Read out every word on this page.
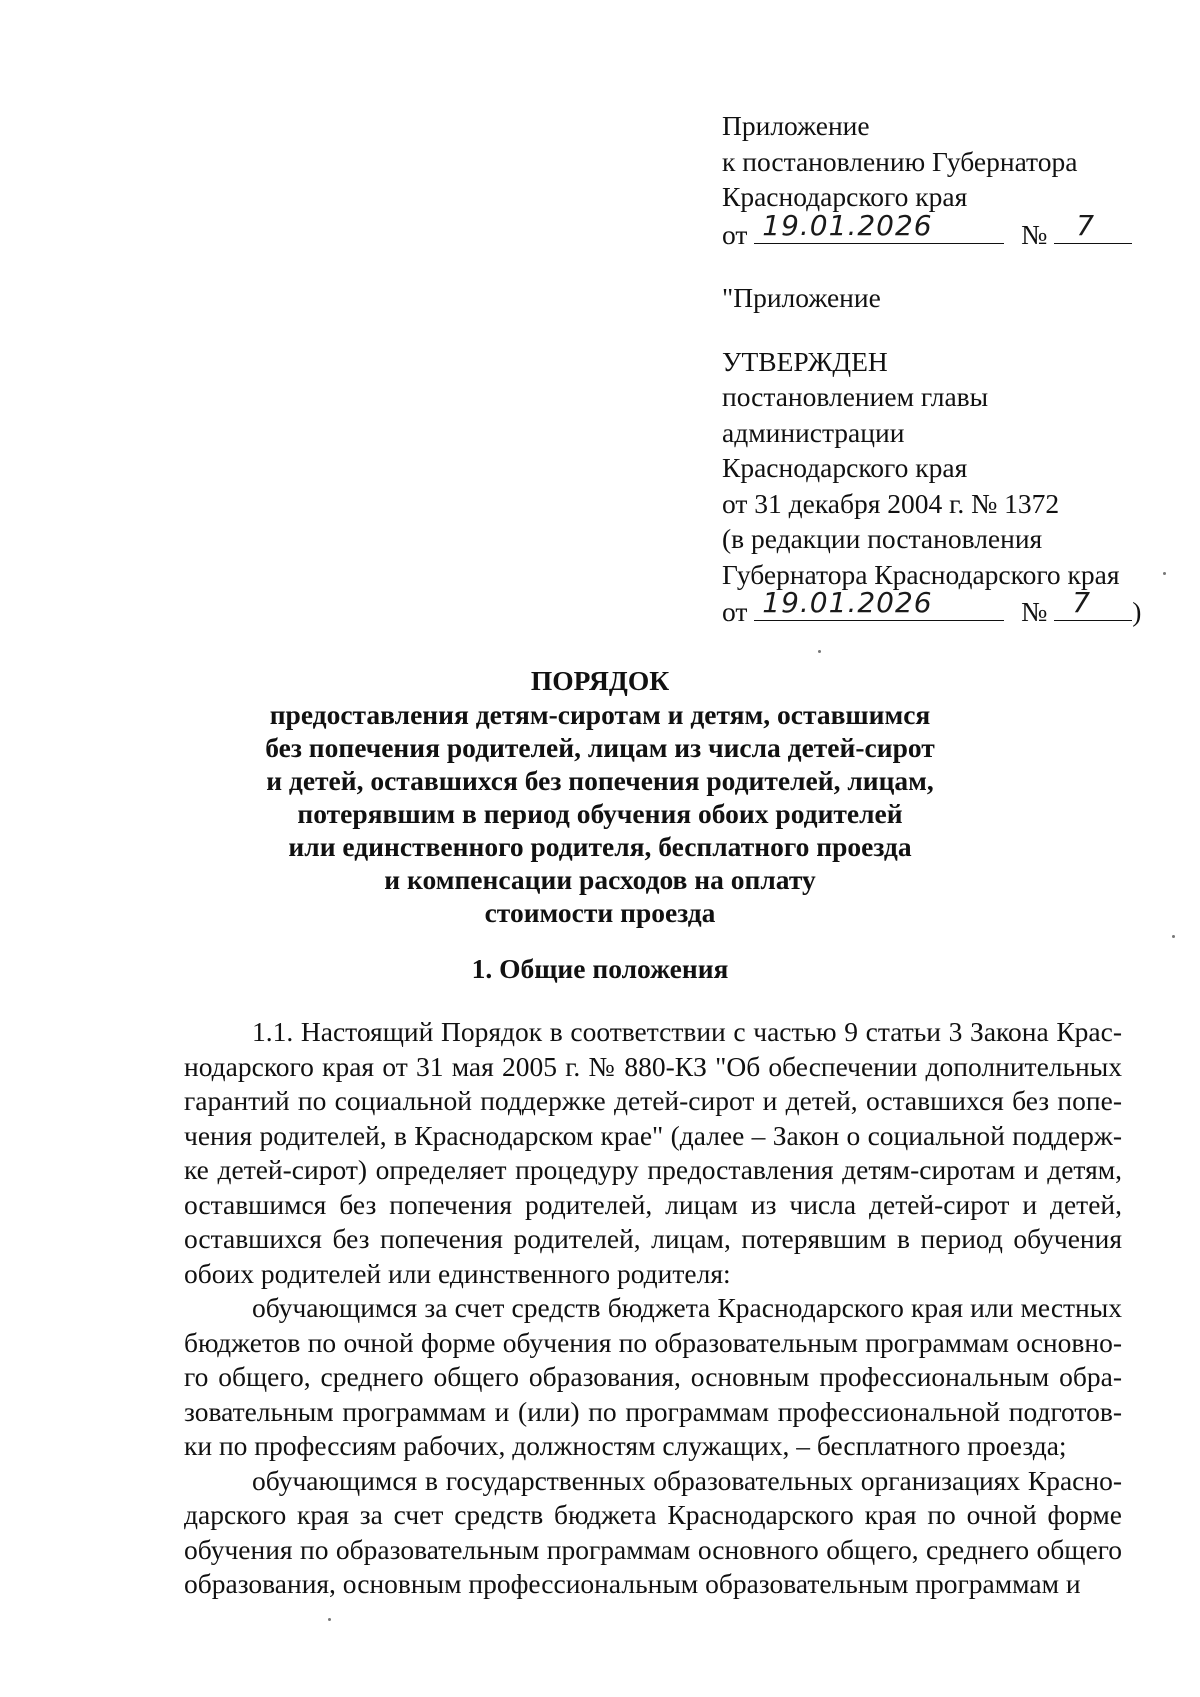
Приложение
к постановлению Губернатора
Краснодарского края
от 19.01.2026	№ 7
"Приложение
УТВЕРЖДЕН
постановлением главы
администрации
Краснодарского края
от 31 декабря 2004 г. № 1372
(в редакции постановления
Губернатора Краснодарского края
от 19.01.2026	№ 7 )
ПОРЯДОК
предоставления детям-сиротам и детям, оставшимся
без попечения родителей, лицам из числа детей-сирот
и детей, оставшихся без попечения родителей, лицам,
потерявшим в период обучения обоих родителей
или единственного родителя, бесплатного проезда
и компенсации расходов на оплату
стоимости проезда
1. Общие положения

1.1. Настоящий Порядок в соответствии с частью 9 статьи 3 Закона Краснодарского края от 31 мая 2005 г. № 880-КЗ "Об обеспечении дополнительных гарантий по социальной поддержке детей-сирот и детей, оставшихся без попечения родителей, в Краснодарском крае" (далее – Закон о социальной поддержке детей-сирот) определяет процедуру предоставления детям-сиротам и детям, оставшимся без попечения родителей, лицам из числа детей-сирот и детей, оставшихся без попечения родителей, лицам, потерявшим в период обучения обоих родителей или единственного родителя:

обучающимся за счет средств бюджета Краснодарского края или местных бюджетов по очной форме обучения по образовательным программам основного общего, среднего общего образования, основным профессиональным образовательным программам и (или) по программам профессиональной подготовки по профессиям рабочих, должностям служащих, – бесплатного проезда;

обучающимся в государственных образовательных организациях Краснодарского края за счет средств бюджета Краснодарского края по очной форме обучения по образовательным программам основного общего, среднего общего образования, основным профессиональным образовательным программам и
